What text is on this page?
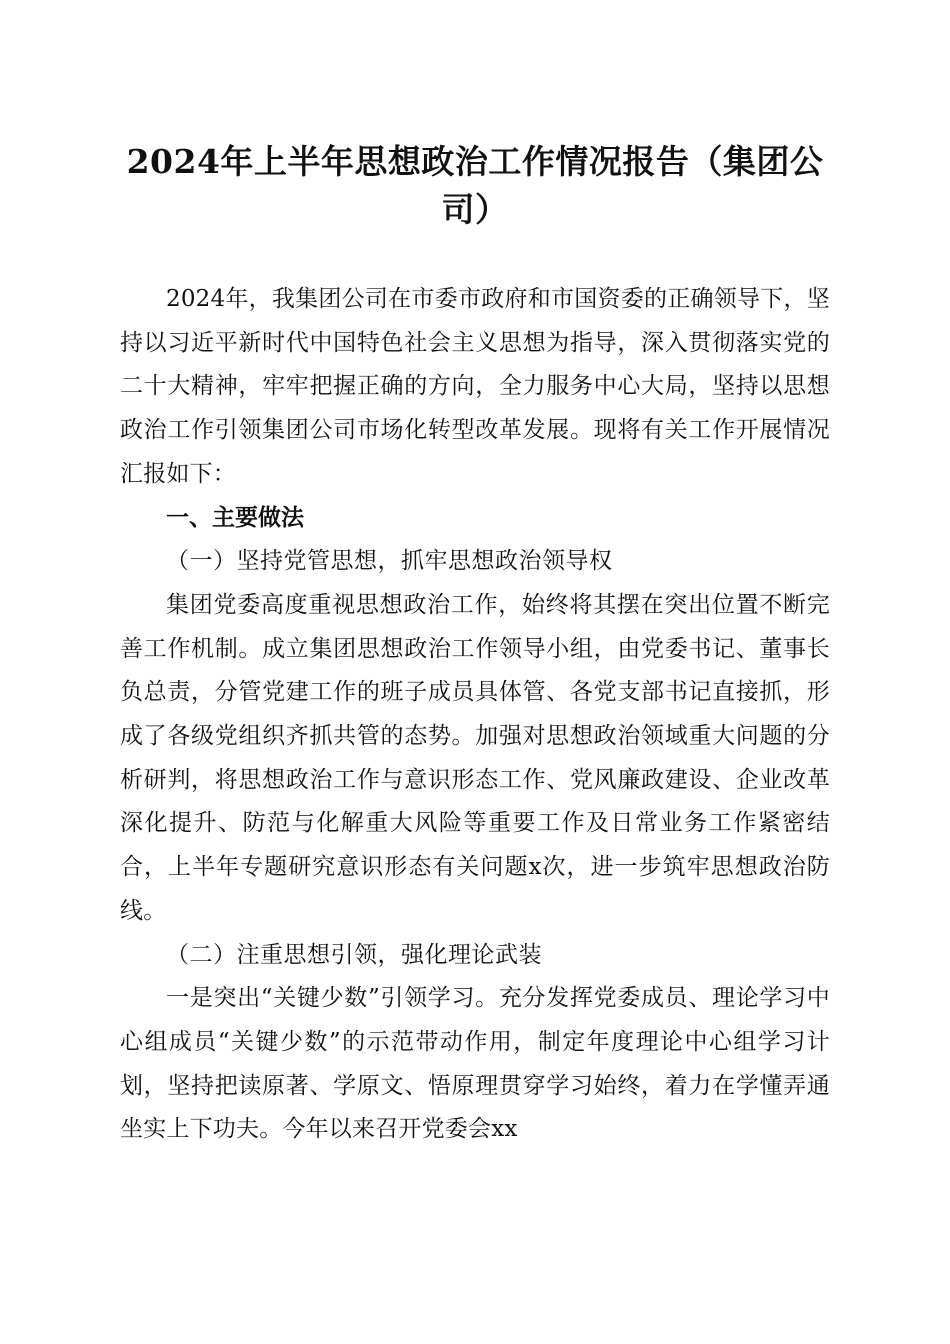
2024年上半年思想政治工作情况报告（集团公司）

2024年，我集团公司在市委市政府和市国资委的正确领导下，坚持以习近平新时代中国特色社会主义思想为指导，深入贯彻落实党的二十大精神，牢牢把握正确的方向，全力服务中心大局，坚持以思想政治工作引领集团公司市场化转型改革发展。现将有关工作开展情况汇报如下：

一、主要做法

（一）坚持党管思想，抓牢思想政治领导权

集团党委高度重视思想政治工作，始终将其摆在突出位置不断完善工作机制。成立集团思想政治工作领导小组，由党委书记、董事长负总责，分管党建工作的班子成员具体管、各党支部书记直接抓，形成了各级党组织齐抓共管的态势。加强对思想政治领域重大问题的分析研判，将思想政治工作与意识形态工作、党风廉政建设、企业改革深化提升、防范与化解重大风险等重要工作及日常业务工作紧密结合，上半年专题研究意识形态有关问题x次，进一步筑牢思想政治防线。

（二）注重思想引领，强化理论武装

一是突出“关键少数”引领学习。充分发挥党委成员、理论学习中心组成员“关键少数”的示范带动作用，制定年度理论中心组学习计划，坚持把读原著、学原文、悟原理贯穿学习始终，着力在学懂弄通坐实上下功夫。今年以来召开党委会xx
